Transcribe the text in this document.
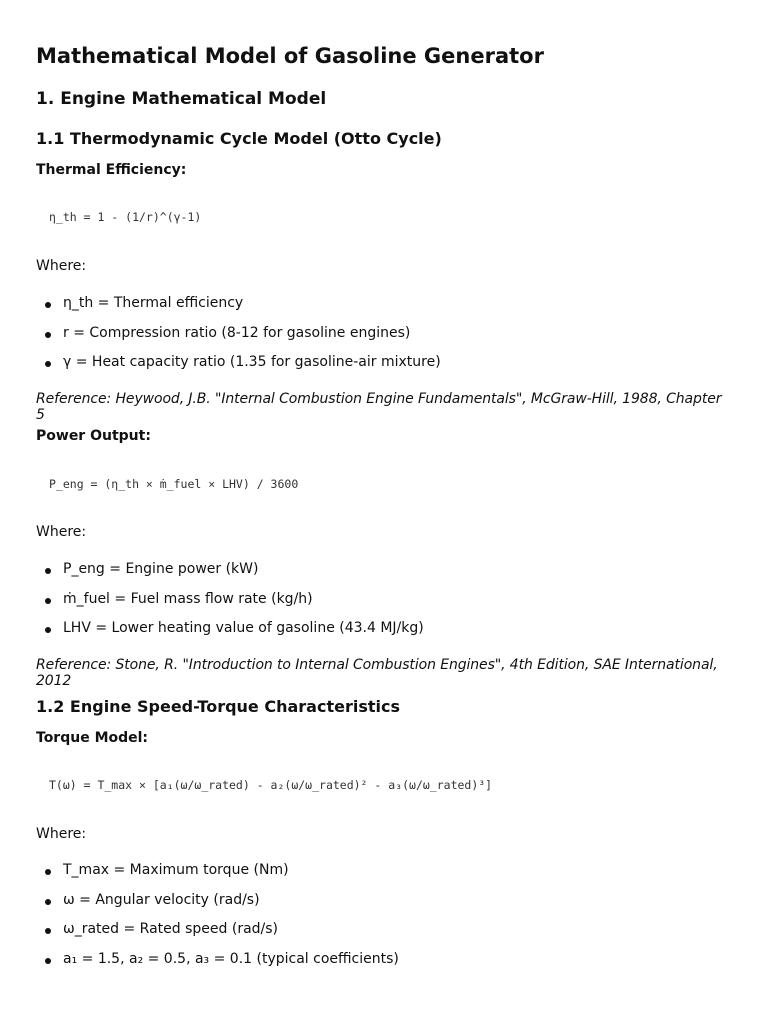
Mathematical Model of Gasoline Generator
1. Engine Mathematical Model
1.1 Thermodynamic Cycle Model (Otto Cycle)
Thermal Efficiency:
η_th = 1 - (1/r)^(γ-1)
Where:
η_th = Thermal efficiency
r = Compression ratio (8-12 for gasoline engines)
γ = Heat capacity ratio (1.35 for gasoline-air mixture)
Reference: Heywood, J.B. "Internal Combustion Engine Fundamentals", McGraw-Hill, 1988, Chapter 5
Power Output:
P_eng = (η_th × ṁ_fuel × LHV) / 3600
Where:
P_eng = Engine power (kW)
ṁ_fuel = Fuel mass flow rate (kg/h)
LHV = Lower heating value of gasoline (43.4 MJ/kg)
Reference: Stone, R. "Introduction to Internal Combustion Engines", 4th Edition, SAE International, 2012
1.2 Engine Speed-Torque Characteristics
Torque Model:
T(ω) = T_max × [a₁(ω/ω_rated) - a₂(ω/ω_rated)² - a₃(ω/ω_rated)³]
Where:
T_max = Maximum torque (Nm)
ω = Angular velocity (rad/s)
ω_rated = Rated speed (rad/s)
a₁ = 1.5, a₂ = 0.5, a₃ = 0.1 (typical coefficients)
